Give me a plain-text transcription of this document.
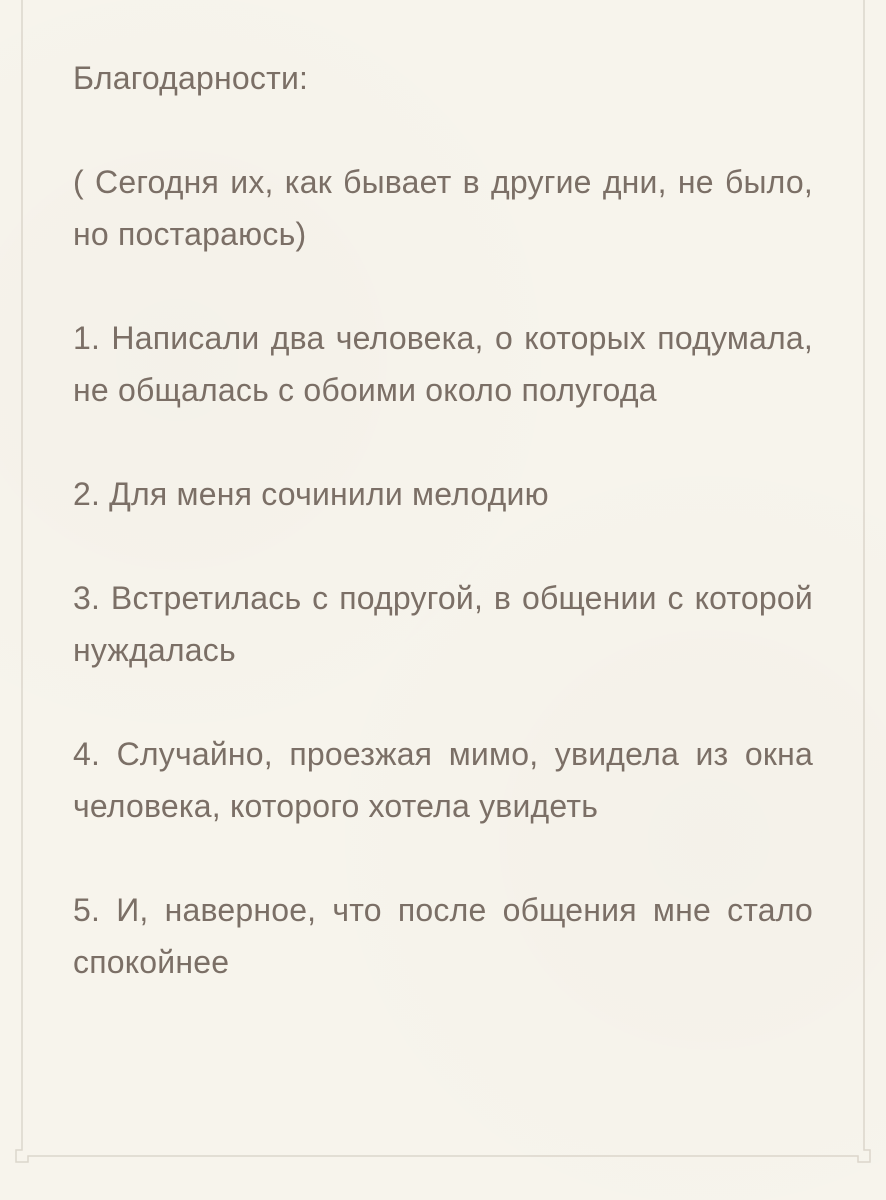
Благодарности:

( Сегодня их, как бывает в другие дни, не было, но постараюсь)

1. Написали два человека, о которых подумала, не общалась с обоими около полугода

2. Для меня сочинили мелодию

3. Встретилась с подругой, в общении с которой нуждалась

4. Случайно, проезжая мимо, увидела из окна человека, которого хотела увидеть

5. И, наверное, что после общения мне стало спокойнее
